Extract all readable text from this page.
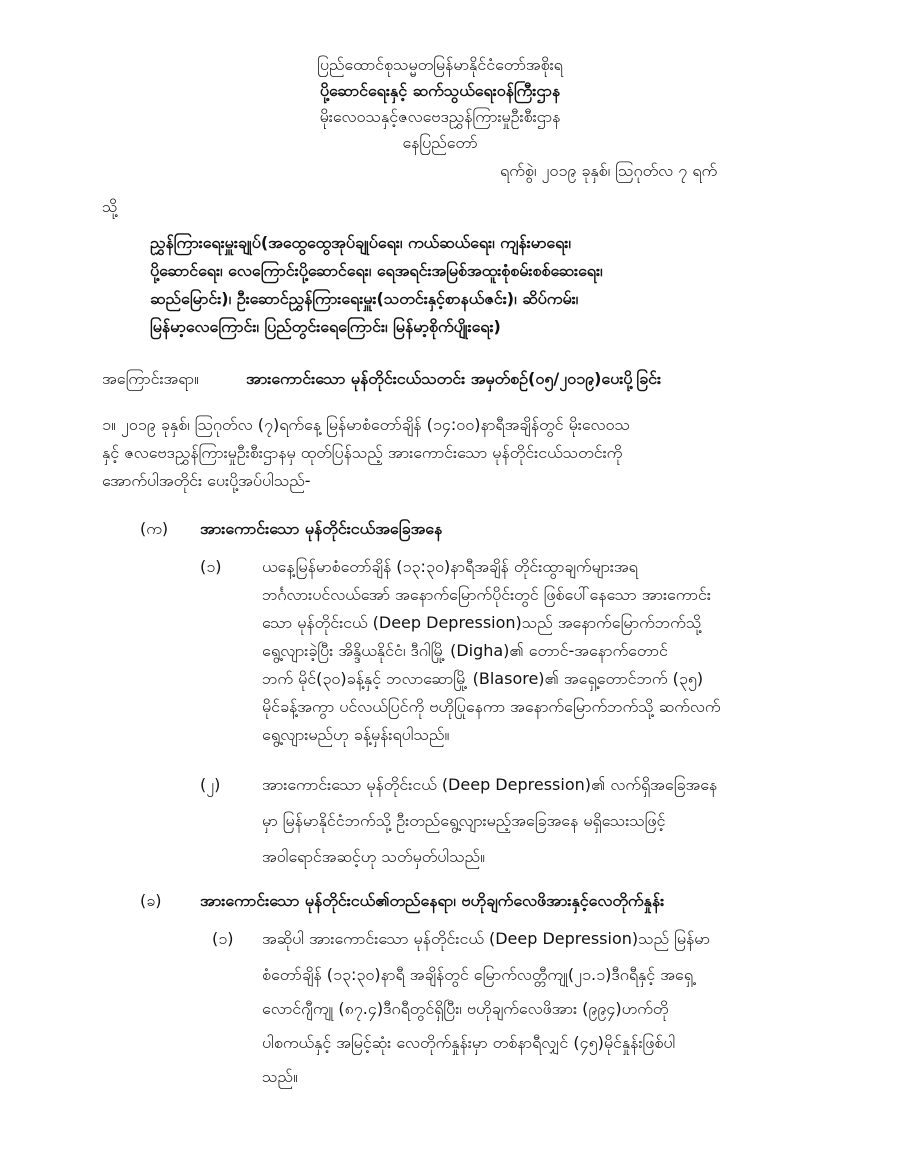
ပြည်ထောင်စုသမ္မတမြန်မာနိုင်ငံတော်အစိုးရ
ပို့ဆောင်ရေးနှင့် ဆက်သွယ်ရေးဝန်ကြီးဌာန
မိုးလေဝသနှင့်ဇလဗေဒညွှန်ကြားမှုဦးစီးဌာန
နေပြည်တော်
ရက်စွဲ၊ ၂၀၁၉ ခုနှစ်၊ ဩဂုတ်လ ၇ ရက်
သို့
ညွှန်ကြားရေးမှူးချုပ်(အထွေထွေအုပ်ချုပ်ရေး၊ ကယ်ဆယ်ရေး၊ ကျန်းမာရေး၊
ပို့ဆောင်ရေး၊ လေကြောင်းပို့ဆောင်ရေး၊ ရေအရင်းအမြစ်အထူးစုံစမ်းစစ်ဆေးရေး၊
ဆည်မြောင်း)၊ ဦးဆောင်ညွှန်ကြားရေးမှူး(သတင်းနှင့်စာနယ်ဇင်း)၊ ဆိပ်ကမ်း၊
မြန်မာ့လေကြောင်း၊ ပြည်တွင်းရေကြောင်း၊ မြန်မာ့စိုက်ပျိုးရေး)
အကြောင်းအရာ။	အားကောင်းသော မုန်တိုင်းငယ်သတင်း အမှတ်စဉ်(၀၅/၂၀၁၉)ပေးပို့ခြင်း
၁။ ၂၀၁၉ ခုနှစ်၊ ဩဂုတ်လ (၇)ရက်နေ့ မြန်မာစံတော်ချိန် (၁၄:၀၀)နာရီအချိန်တွင် မိုးလေဝသ
နှင့် ဇလဗေဒညွှန်ကြားမှုဦးစီးဌာနမှ ထုတ်ပြန်သည့် အားကောင်းသော မုန်တိုင်းငယ်သတင်းကို
အောက်ပါအတိုင်း ပေးပို့အပ်ပါသည်-
(က) အားကောင်းသော မုန်တိုင်းငယ်အခြေအနေ
(၁)	ယနေ့မြန်မာစံတော်ချိန် (၁၃:၃၀)နာရီအချိန် တိုင်းထွာချက်များအရ
ဘင်္ဂလားပင်လယ်အော် အနောက်မြောက်ပိုင်းတွင် ဖြစ်ပေါ်နေသော အားကောင်း
သော မုန်တိုင်းငယ် (Deep Depression)သည် အနောက်မြောက်ဘက်သို့
ရွေ့လျားခဲ့ပြီး အိန္ဒိယနိုင်ငံ၊ ဒီဂါမြို့ (Digha)၏ တောင်-အနောက်တောင်
ဘက် မိုင်(၃၀)ခန့်နှင့် ဘလာဆောမြို့ (Blasore)၏ အရှေ့တောင်ဘက် (၃၅)
မိုင်ခန့်အကွာ ပင်လယ်ပြင်ကို ဗဟိုပြုနေကာ အနောက်မြောက်ဘက်သို့ ဆက်လက်
ရွေ့လျားမည်ဟု ခန့်မှန်းရပါသည်။
(၂)	အားကောင်းသော မုန်တိုင်းငယ် (Deep Depression)၏ လက်ရှိအခြေအနေ
မှာ မြန်မာနိုင်ငံဘက်သို့ ဦးတည်ရွေ့လျားမည့်အခြေအနေ မရှိသေးသဖြင့်
အဝါရောင်အဆင့်ဟု သတ်မှတ်ပါသည်။
(ခ) အားကောင်းသော မုန်တိုင်းငယ်၏တည်နေရာ၊ ဗဟိုချက်လေဖိအားနှင့်လေတိုက်နှုန်း
(၁) အဆိုပါ အားကောင်းသော မုန်တိုင်းငယ် (Deep Depression)သည် မြန်မာ
စံတော်ချိန် (၁၃:၃၀)နာရီ အချိန်တွင် မြောက်လတ္တီကျု(၂၁.၁)ဒီဂရီနှင့် အရှေ့
လောင်ဂျီကျု (၈၇.၄)ဒီဂရီတွင်ရှိပြီး၊ ဗဟိုချက်လေဖိအား (၉၉၄)ဟက်တို
ပါစကယ်နှင့် အမြင့်ဆုံး လေတိုက်နှုန်းမှာ တစ်နာရီလျှင် (၄၅)မိုင်နှုန်းဖြစ်ပါ
သည်။
